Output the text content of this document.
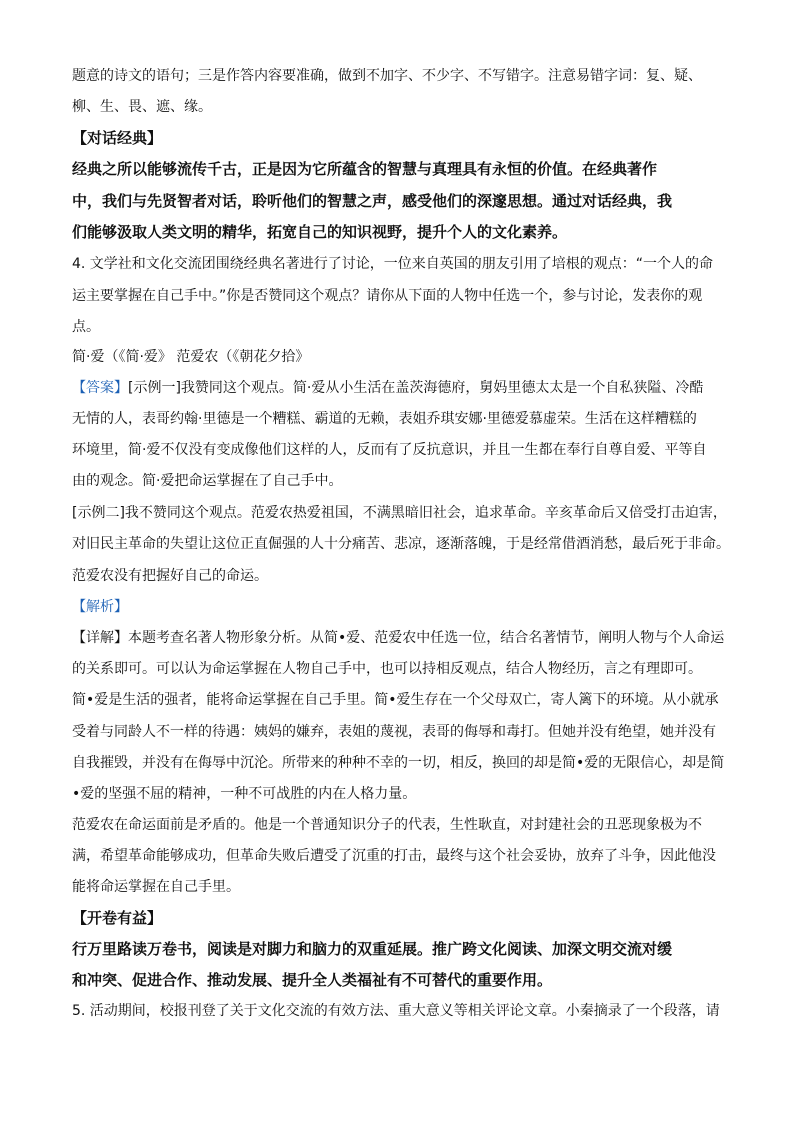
题意的诗文的语句；三是作答内容要准确，做到不加字、不少字、不写错字。注意易错字词：复、疑、
柳、生、畏、遮、缘。
【对话经典】
经典之所以能够流传千古，正是因为它所蕴含的智慧与真理具有永恒的价值。在经典著作
中，我们与先贤智者对话，聆听他们的智慧之声，感受他们的深邃思想。通过对话经典，我
们能够汲取人类文明的精华，拓宽自己的知识视野，提升个人的文化素养。
4. 文学社和文化交流团围绕经典名著进行了讨论，一位来自英国的朋友引用了培根的观点：“一个人的命
运主要掌握在自己手中。”你是否赞同这个观点？请你从下面的人物中任选一个，参与讨论，发表你的观
点。
简·爱（《简·爱》 范爱农（《朝花夕拾》
【答案】[示例一]我赞同这个观点。简·爱从小生活在盖茨海德府，舅妈里德太太是一个自私狭隘、冷酷
无情的人，表哥约翰·里德是一个糟糕、霸道的无赖，表姐乔琪安娜·里德爱慕虚荣。生活在这样糟糕的
环境里，简·爱不仅没有变成像他们这样的人，反而有了反抗意识，并且一生都在奉行自尊自爱、平等自
由的观念。简·爱把命运掌握在了自己手中。
[示例二]我不赞同这个观点。范爱农热爱祖国，不满黑暗旧社会，追求革命。辛亥革命后又倍受打击迫害，
对旧民主革命的失望让这位正直倔强的人十分痛苦、悲凉，逐渐落魄，于是经常借酒消愁，最后死于非命。
范爱农没有把握好自己的命运。
【解析】
【详解】本题考查名著人物形象分析。从简•爱、范爱农中任选一位，结合名著情节，阐明人物与个人命运
的关系即可。可以认为命运掌握在人物自己手中，也可以持相反观点，结合人物经历，言之有理即可。
简•爱是生活的强者，能将命运掌握在自己手里。简•爱生存在一个父母双亡，寄人篱下的环境。从小就承
受着与同龄人不一样的待遇：姨妈的嫌弃，表姐的蔑视，表哥的侮辱和毒打。但她并没有绝望，她并没有
自我摧毁，并没有在侮辱中沉沦。所带来的种种不幸的一切，相反，换回的却是简•爱的无限信心，却是简
•爱的坚强不屈的精神，一种不可战胜的内在人格力量。
范爱农在命运面前是矛盾的。他是一个普通知识分子的代表，生性耿直，对封建社会的丑恶现象极为不
满，希望革命能够成功，但革命失败后遭受了沉重的打击，最终与这个社会妥协，放弃了斗争，因此他没
能将命运掌握在自己手里。
【开卷有益】
行万里路读万卷书，阅读是对脚力和脑力的双重延展。推广跨文化阅读、加深文明交流对缓
和冲突、促进合作、推动发展、提升全人类福祉有不可替代的重要作用。
5. 活动期间，校报刊登了关于文化交流的有效方法、重大意义等相关评论文章。小秦摘录了一个段落，请
